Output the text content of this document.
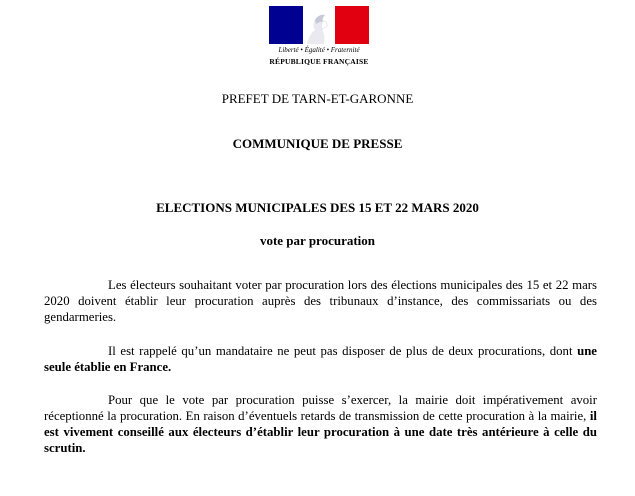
Liberté • Égalité • Fraternité
RÉPUBLIQUE FRANÇAISE
PREFET DE TARN-ET-GARONNE
COMMUNIQUE DE PRESSE
ELECTIONS MUNICIPALES DES 15 ET 22 MARS 2020
vote par procuration

Les électeurs souhaitant voter par procuration lors des élections municipales des 15 et 22 mars 2020 doivent établir leur procuration auprès des tribunaux d’instance, des commissariats ou des gendarmeries.

Il est rappelé qu’un mandataire ne peut pas disposer de plus de deux procurations, dont une seule établie en France.

Pour que le vote par procuration puisse s’exercer, la mairie doit impérativement avoir réceptionné la procuration. En raison d’éventuels retards de transmission de cette procuration à la mairie, il est vivement conseillé aux électeurs d’établir leur procuration à une date très antérieure à celle du scrutin.
